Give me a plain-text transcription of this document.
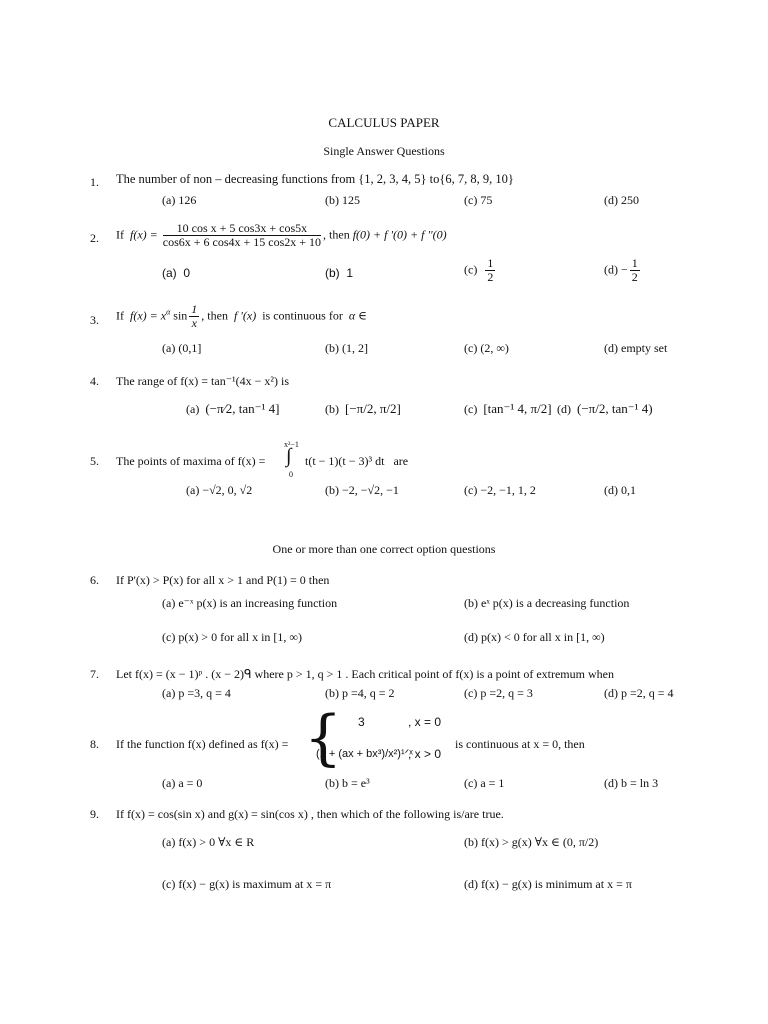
CALCULUS PAPER
Single Answer Questions
1. The number of non – decreasing functions from {1, 2, 3, 4, 5} to{6, 7, 8, 9, 10}
(a) 126	(b) 125	(c) 75	(d) 250
2. If $f(x) = \frac{\text{10 cos x + 5 cos3x + cos5x}}{\cos 6x + 6 \cos 4x + 15 \cos 2x + 10}$ , then f(0) + f '(0) + f ''(0)
(a) 0	(b) 1	$(c) \frac{1}{2}$	$(d) - \frac{1}{2}$
3. If $f(x) = x^\alpha$ $\sin \frac{1}{x}$ , then f '(x) is continuous for α ∈
(a) (0,1]	(b) (1, 2]	(c) (2, ∞)	(d) empty set
4. The range of f(x) = tan⁻¹(4x − x²) is
(a) (−π⁄2, tan⁻¹ 4]	(b) [−π/2, π/2]	(c) [tan⁻¹ 4, π/2] (d) (−π/2, tan⁻¹ 4)
5. The points of maxima of f(x) =
x²−1
∫
0
t(t − 1)(t − 3)³ dt are
(a) −√2, 0, √2	(b) −2, −√2, −1	(c) −2, −1, 1, 2	(d) 0,1
One or more than one correct option questions
6. If P'(x) > P(x) for all x > 1 and P(1) = 0 then
(a) e⁻ˣ p(x) is an increasing function	(b) eˣ p(x) is a decreasing function
(c) p(x) > 0 for all x in [1, ∞)	(d) p(x) < 0 for all x in [1, ∞)
7. Let f(x) = (x − 1)ᵖ . (x − 2)ᑫ where p > 1, q > 1 . Each critical point of f(x) is a point of extremum when
(a) p =3, q = 4	(b) p =4, q = 2	(c) p =2, q = 3	(d) p =2, q = 4
8. If the function f(x) defined as f(x) = { 3	, x = 0
(1 + (ax + bx³)/x²)¹ᐟˣ
, x > 0
is continuous at x = 0, then
(a) a = 0	(b) b = e³	(c) a = 1	(d) b = ln 3
9. If f(x) = cos(sin x) and g(x) = sin(cos x) , then which of the following is/are true.
(a) f(x) > 0 ∀x ∈ R	(b) f(x) > g(x) ∀x ∈ (0, π/2)
(c) f(x) − g(x) is maximum at x = π	(d) f(x) − g(x) is minimum at x = π
